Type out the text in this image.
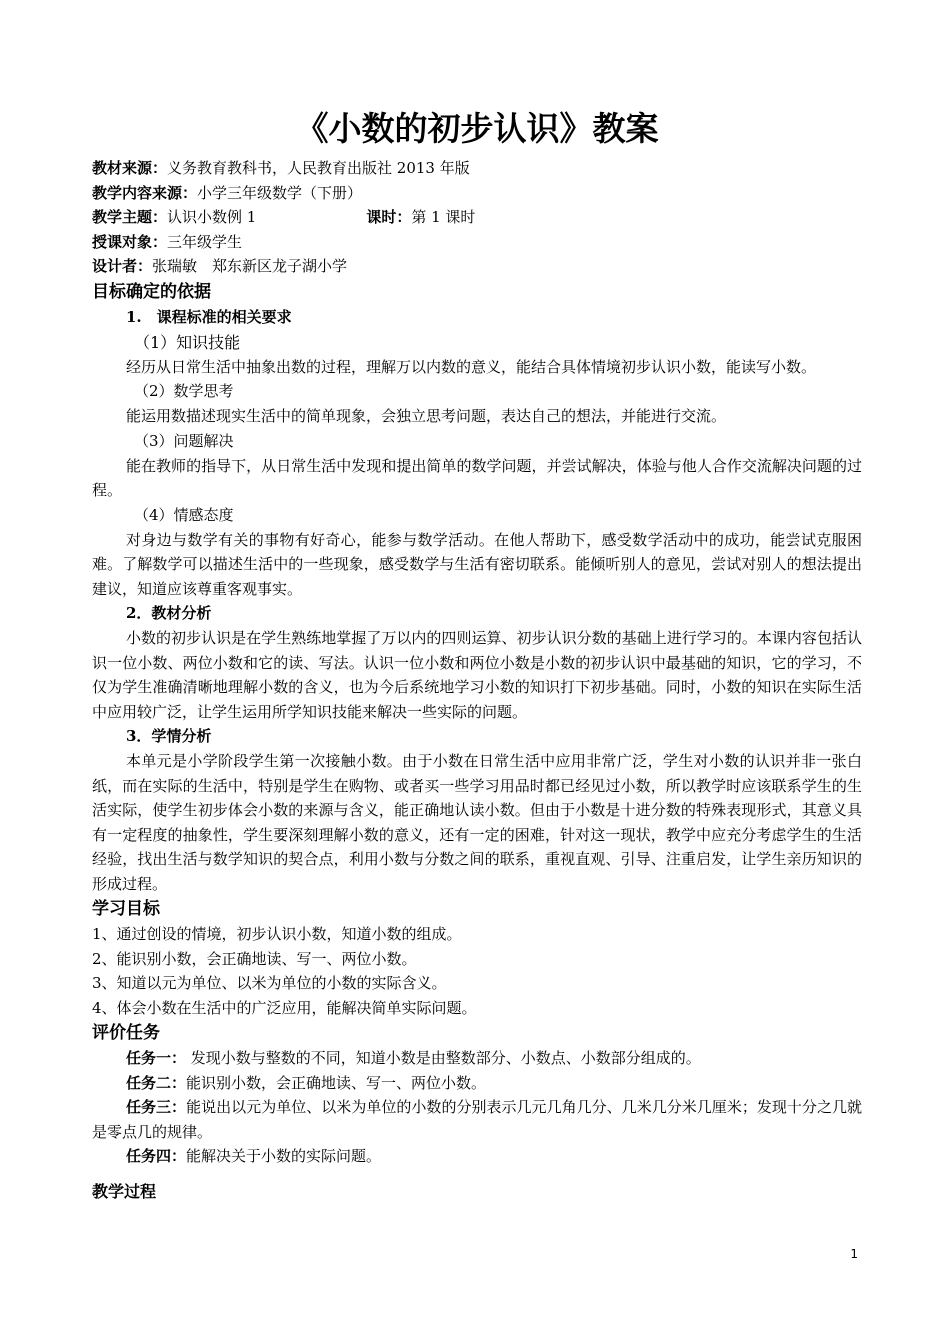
《小数的初步认识》教案
教材来源：义务教育教科书，人民教育出版社 2013 年版
教学内容来源：小学三年级数学（下册）
教学主题：认识小数例 1	课时：第 1 课时
授课对象：三年级学生
设计者：张瑞敏　郑东新区龙子湖小学
目标确定的依据
1.　课程标准的相关要求
（1）知识技能

经历从日常生活中抽象出数的过程，理解万以内数的意义，能结合具体情境初步认识小数，能读写小数。

（2）数学思考

能运用数描述现实生活中的简单现象，会独立思考问题，表达自己的想法，并能进行交流。

（3）问题解决

能在教师的指导下，从日常生活中发现和提出简单的数学问题，并尝试解决，体验与他人合作交流解决问题的过程。

（4）情感态度

对身边与数学有关的事物有好奇心，能参与数学活动。在他人帮助下，感受数学活动中的成功，能尝试克服困难。了解数学可以描述生活中的一些现象，感受数学与生活有密切联系。能倾听别人的意见，尝试对别人的想法提出建议，知道应该尊重客观事实。

2．教材分析

小数的初步认识是在学生熟练地掌握了万以内的四则运算、初步认识分数的基础上进行学习的。本课内容包括认识一位小数、两位小数和它的读、写法。认识一位小数和两位小数是小数的初步认识中最基础的知识，它的学习，不仅为学生准确清晰地理解小数的含义，也为今后系统地学习小数的知识打下初步基础。同时，小数的知识在实际生活中应用较广泛，让学生运用所学知识技能来解决一些实际的问题。

3．学情分析

本单元是小学阶段学生第一次接触小数。由于小数在日常生活中应用非常广泛，学生对小数的认识并非一张白纸，而在实际的生活中，特别是学生在购物、或者买一些学习用品时都已经见过小数，所以教学时应该联系学生的生活实际，使学生初步体会小数的来源与含义，能正确地认读小数。但由于小数是十进分数的特殊表现形式，其意义具有一定程度的抽象性，学生要深刻理解小数的意义，还有一定的困难，针对这一现状，教学中应充分考虑学生的生活经验，找出生活与数学知识的契合点，利用小数与分数之间的联系，重视直观、引导、注重启发，让学生亲历知识的形成过程。

学习目标
1、通过创设的情境，初步认识小数，知道小数的组成。
2、能识别小数，会正确地读、写一、两位小数。
3、知道以元为单位、以米为单位的小数的实际含义。
4、体会小数在生活中的广泛应用，能解决简单实际问题。
评价任务
任务一： 发现小数与整数的不同，知道小数是由整数部分、小数点、小数部分组成的。
任务二：能识别小数，会正确地读、写一、两位小数。
任务三：能说出以元为单位、以米为单位的小数的分别表示几元几角几分、几米几分米几厘米；发现十分之几就是零点几的规律。
任务四：能解决关于小数的实际问题。
教学过程
1
